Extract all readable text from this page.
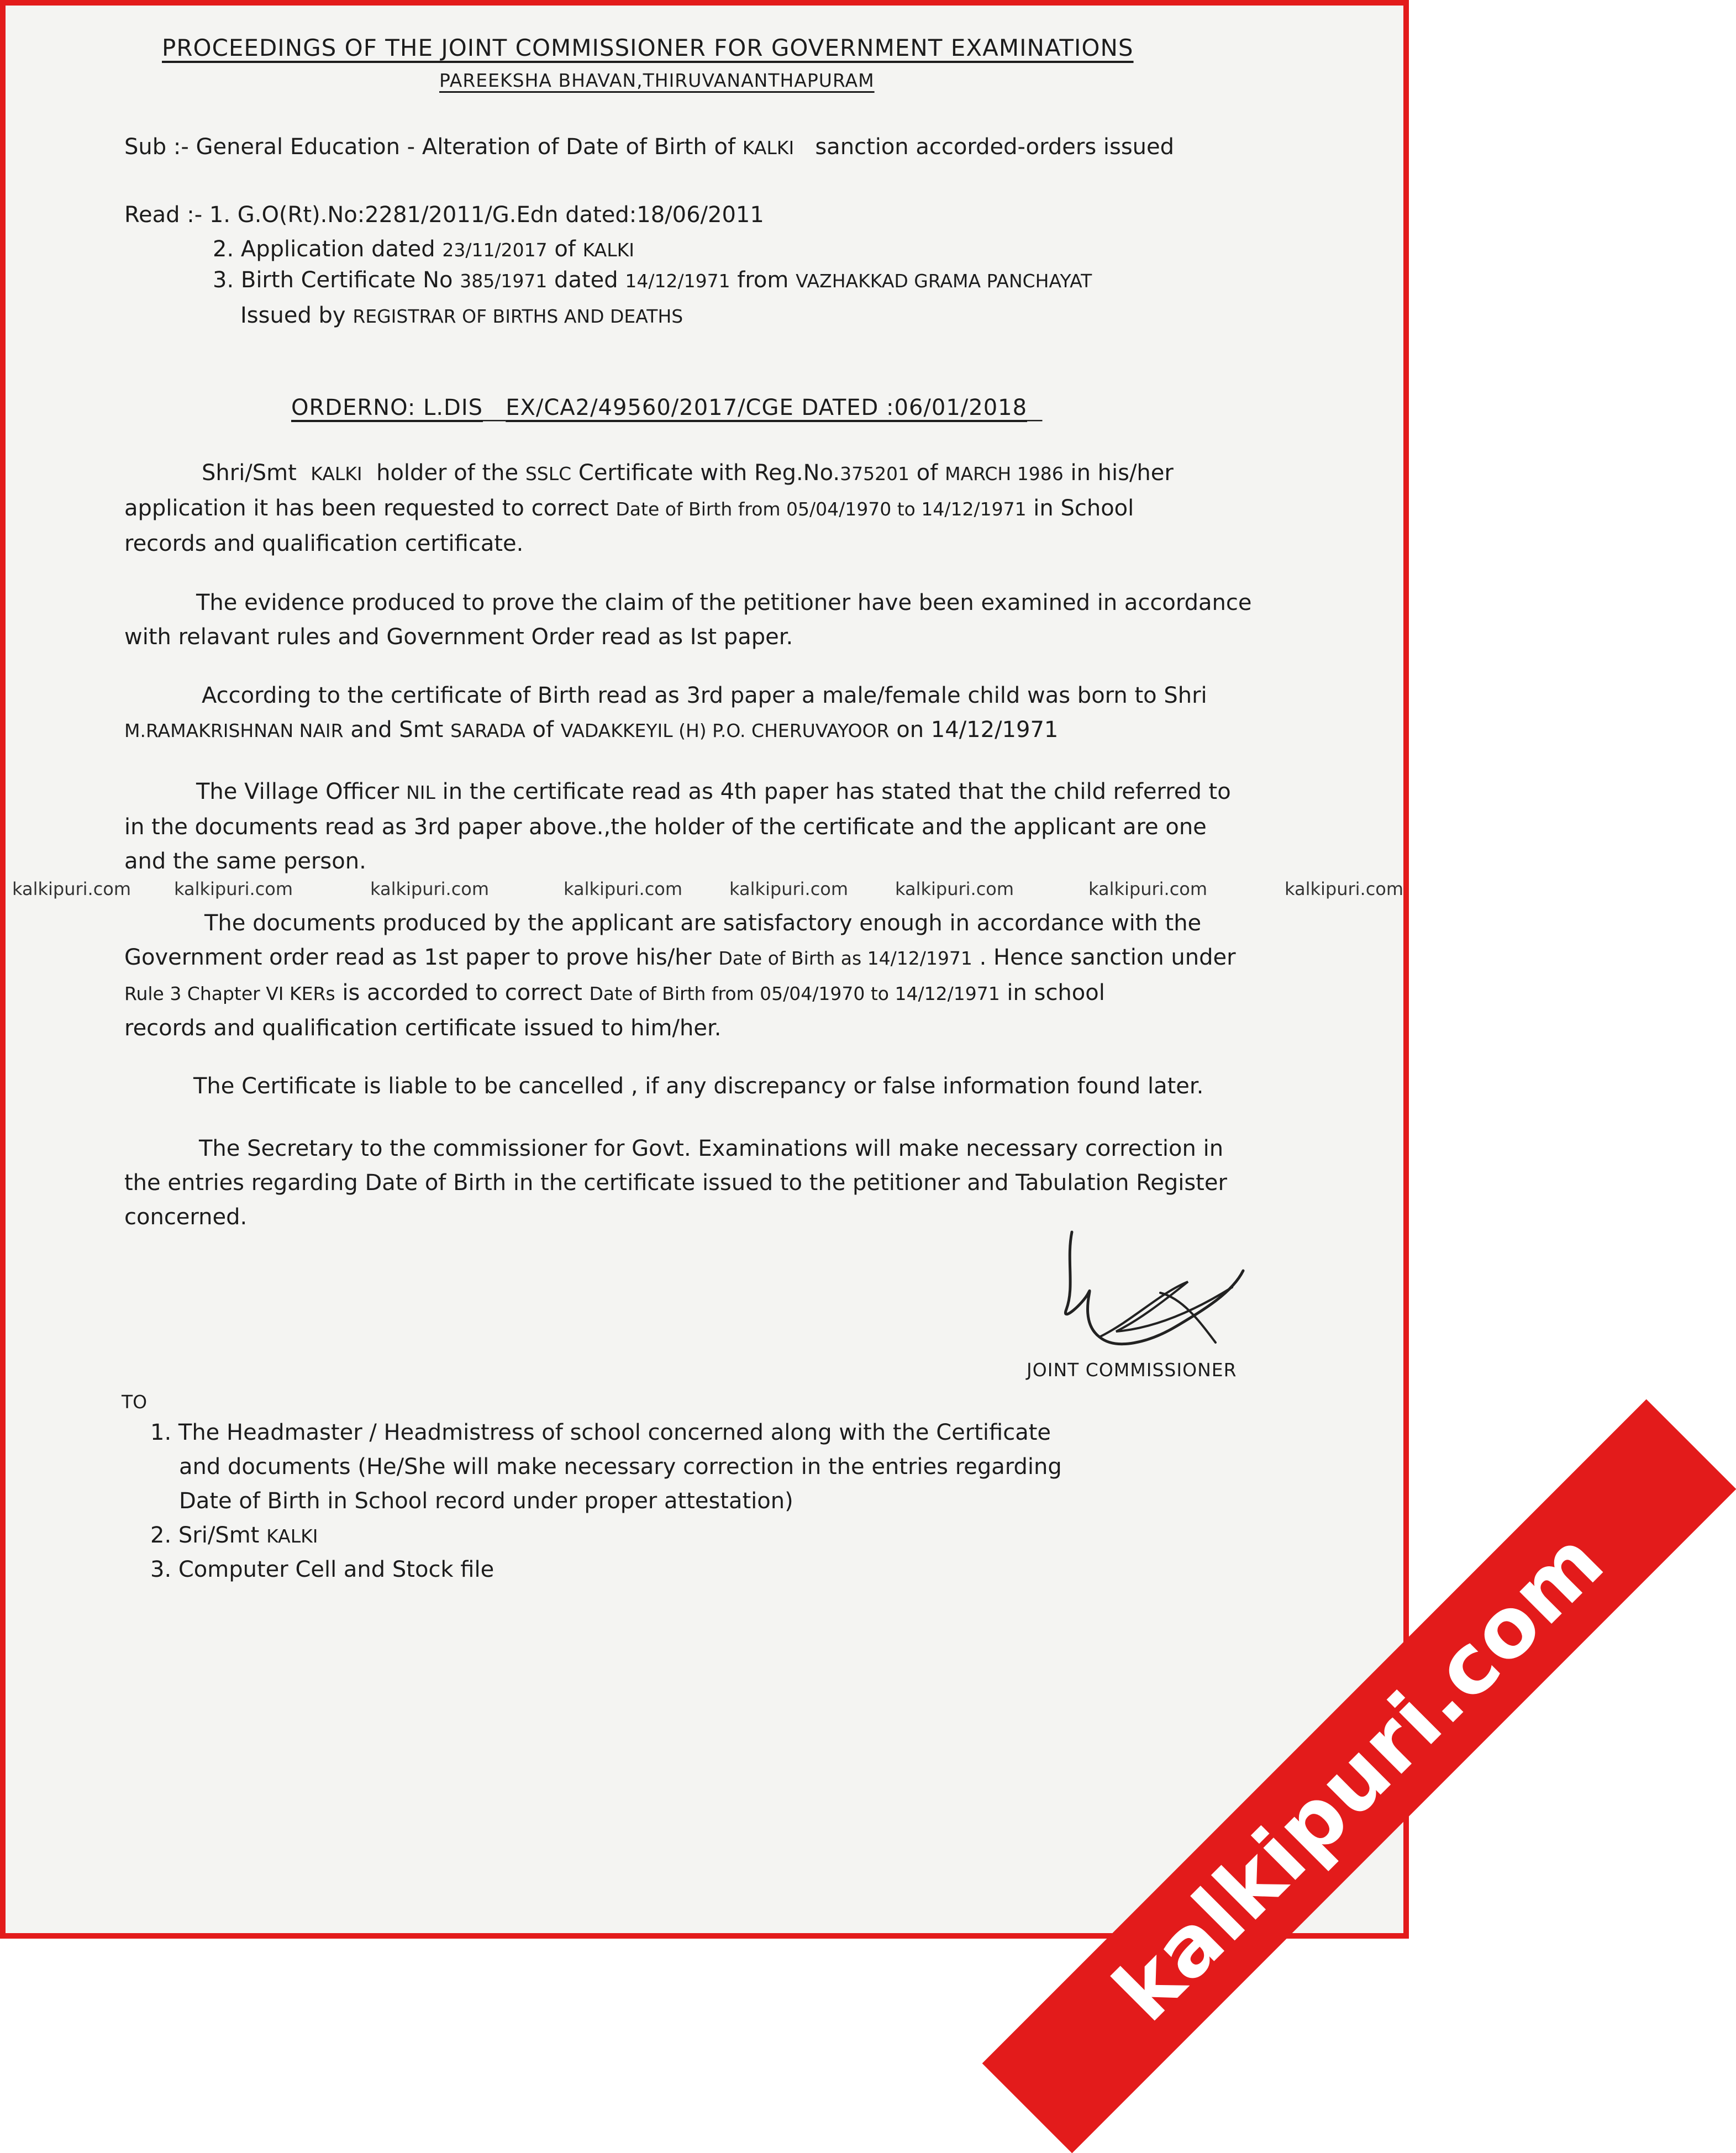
PROCEEDINGS OF THE JOINT COMMISSIONER FOR GOVERNMENT EXAMINATIONS
PAREEKSHA BHAVAN,THIRUVANANTHAPURAM
Sub :- General Education - Alteration of Date of Birth of KALKI sanction accorded-orders issued
Read :- 1. G.O(Rt).No:2281/2011/G.Edn dated:18/06/2011
2. Application dated 23/11/2017 of KALKI
3. Birth Certificate No 385/1971 dated 14/12/1971 from VAZHAKKAD GRAMA PANCHAYAT
Issued by REGISTRAR OF BIRTHS AND DEATHS
ORDERNO: L.DIS EX/CA2/49560/2017/CGE DATED :06/01/2018
Shri/Smt KALKI holder of the SSLC Certificate with Reg.No.375201 of MARCH 1986 in his/her
application it has been requested to correct Date of Birth from 05/04/1970 to 14/12/1971 in School
records and qualification certificate.
The evidence produced to prove the claim of the petitioner have been examined in accordance
with relavant rules and Government Order read as Ist paper.
According to the certificate of Birth read as 3rd paper a male/female child was born to Shri
M.RAMAKRISHNAN NAIR and Smt SARADA of VADAKKEYIL (H) P.O. CHERUVAYOOR on 14/12/1971
The Village Officer NIL in the certificate read as 4th paper has stated that the child referred to
in the documents read as 3rd paper above.,the holder of the certificate and the applicant are one
and the same person.
kalkipuri.com kalkipuri.com	kalkipuri.com	kalkipuri.com	kalkipuri.com	kalkipuri.com	kalkipuri.com	kalkipuri.com
The documents produced by the applicant are satisfactory enough in accordance with the
Government order read as 1st paper to prove his/her Date of Birth as 14/12/1971 . Hence sanction under
Rule 3 Chapter VI KERs is accorded to correct Date of Birth from 05/04/1970 to 14/12/1971 in school
records and qualification certificate issued to him/her.
The Certificate is liable to be cancelled , if any discrepancy or false information found later.
The Secretary to the commissioner for Govt. Examinations will make necessary correction in
the entries regarding Date of Birth in the certificate issued to the petitioner and Tabulation Register
concerned.
JOINT COMMISSIONER
TO
1. The Headmaster / Headmistress of school concerned along with the Certificate
and documents (He/She will make necessary correction in the entries regarding
Date of Birth in School record under proper attestation)
2. Sri/Smt KALKI
3. Computer Cell and Stock file	kalkipuri.com
